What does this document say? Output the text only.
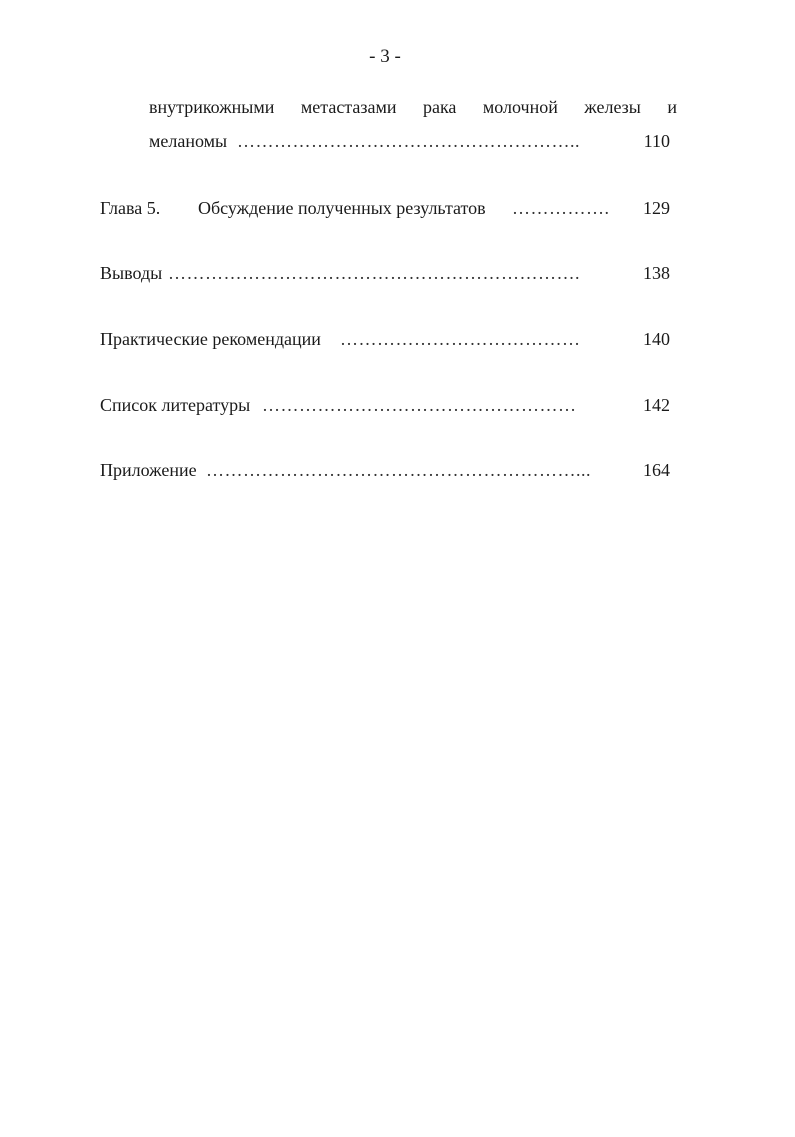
- 3 -
внутрикожными метастазами рака молочной железы и
меланомы ………………………………………………..	110
Глава 5. Обсуждение полученных результатов …………….	129
Выводы ………………………………………………………….	138
Практические рекомендации …………………………………	140
Список литературы ……………………………………………	142
Приложение ……………………………………………………...	164
